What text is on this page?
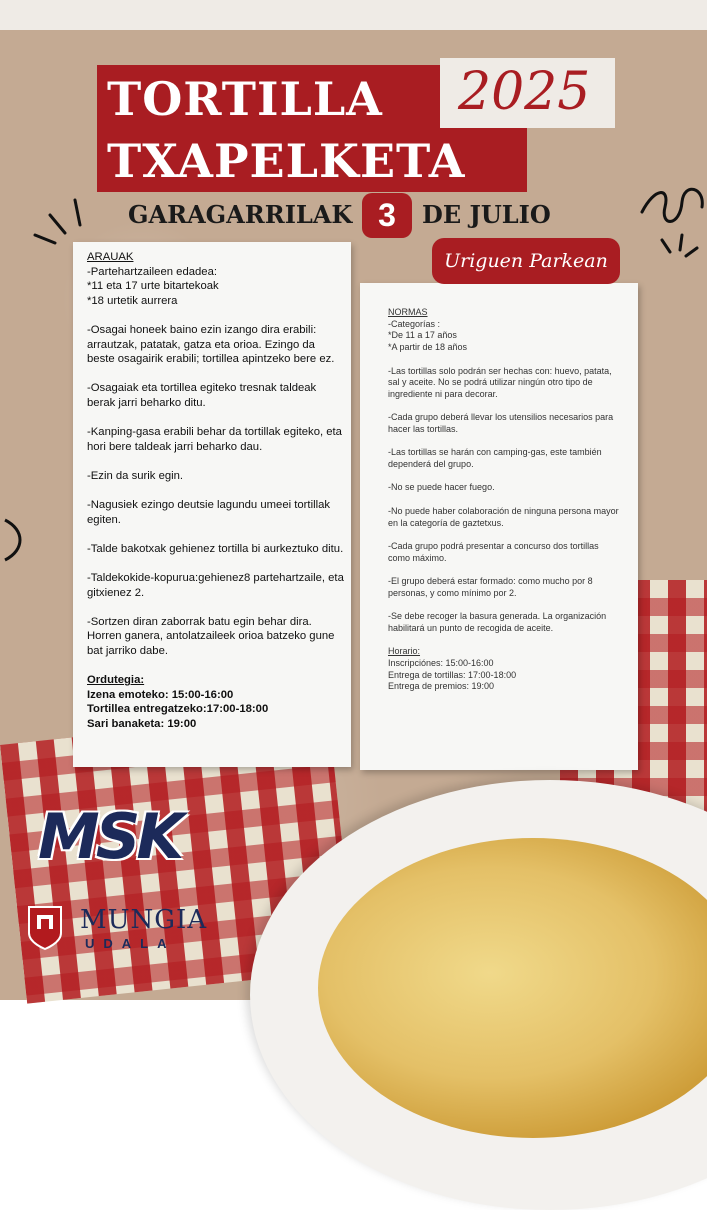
TORTILLA
TXAPELKETA
2025
GARAGARRILAK 3	DE JULIO
Uriguen Parkean
ARAUAK
-Partehartzaileen edadea:
*11 eta 17 urte bitartekoak
*18 urtetik aurrera
-Osagai honeek baino ezin izango dira erabili: arrautzak, patatak, gatza eta orioa. Ezingo da beste osagairik erabili; tortillea apintzeko bere ez.
-Osagaiak eta tortillea egiteko tresnak taldeak berak jarri beharko ditu.
-Kanping-gasa erabili behar da tortillak egiteko, eta hori bere taldeak jarri beharko dau.
-Ezin da surik egin.
-Nagusiek ezingo deutsie lagundu umeei tortillak egiten.
-Talde bakotxak gehienez tortilla bi aurkeztuko ditu.
-Taldekokide-kopurua:gehienez8 partehartzaile, eta gitxienez 2.
-Sortzen diran zaborrak batu egin behar dira. Horren ganera, antolatzaileek orioa batzeko gune bat jarriko dabe.
Ordutegia:
Izena emoteko: 15:00-16:00
Tortillea entregatzeko:17:00-18:00
Sari banaketa: 19:00
NORMAS
-Categorías :
*De 11 a 17 años
*A partir de 18 años
-Las tortillas solo podrán ser hechas con: huevo, patata, sal y aceite. No se podrá utilizar ningún otro tipo de ingrediente ni para decorar.
-Cada grupo deberá llevar los utensilios necesarios para hacer las tortillas.
-Las tortillas se harán con camping-gas, este también dependerá del grupo.
-No se puede hacer fuego.
-No puede haber colaboración de ninguna persona mayor en la categoría de gaztetxus.
-Cada grupo podrá presentar a concurso dos tortillas como máximo.
-El grupo deberá estar formado: como mucho por 8 personas, y como mínimo por 2.
-Se debe recoger la basura generada. La organización habilitará un punto de recogida de aceite.
Horario:
Inscripciónes: 15:00-16:00
Entrega de tortillas: 17:00-18:00
Entrega de premios: 19:00
MSK
MUNGIA
UDALA
